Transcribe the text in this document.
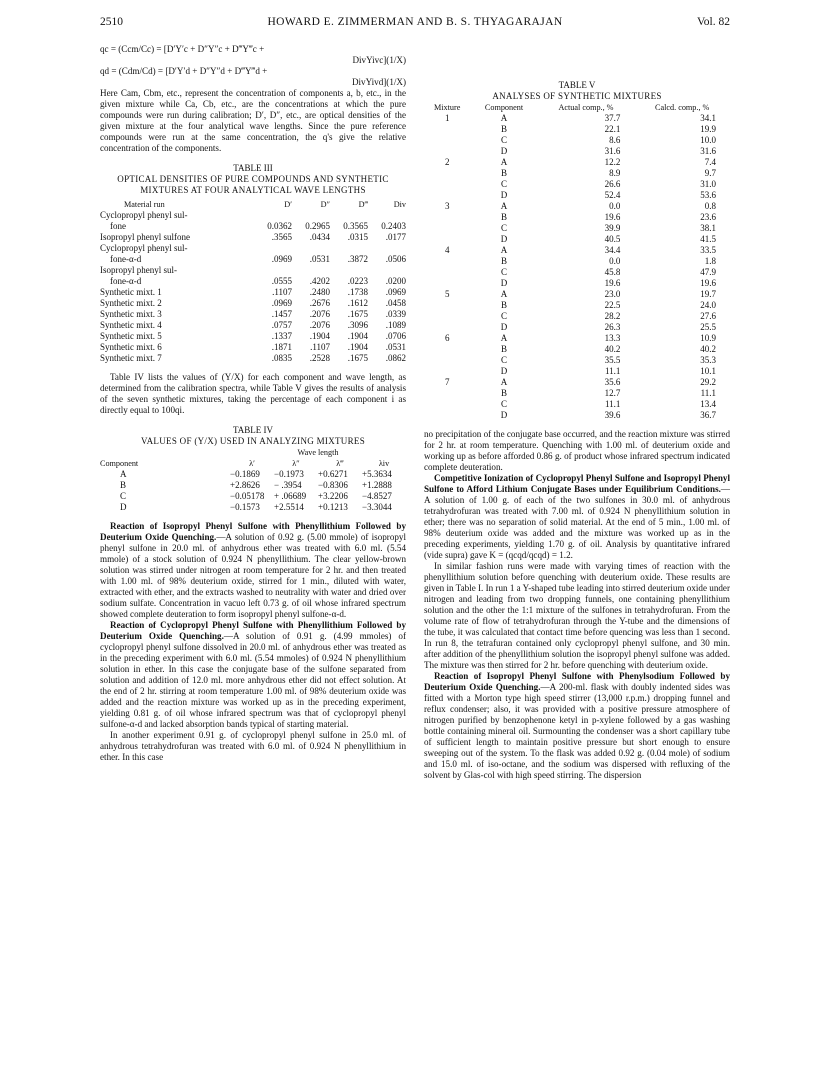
2510	HOWARD E. ZIMMERMAN AND B. S. THYAGARAJAN	Vol. 82

qc = (Ccm/Cc) = [D′Y′c + D″Y″c + D‴Y‴c +

DivYivc](1/X)

qd = (Cdm/Cd) = [D′Y′d + D″Y″d + D‴Y‴d +

DivYivd](1/X)

Here Cam, Cbm, etc., represent the concentration of components a, b, etc., in the given mixture while Ca, Cb, etc., are the concentrations at which the pure compounds were run during calibration; D′, D″, etc., are optical densities of the given mixture at the four analytical wave lengths. Since the pure reference compounds were run at the same concentration, the q's give the relative concentration of the components.

TABLE III
OPTICAL DENSITIES OF PURE COMPOUNDS AND SYNTHETIC
MIXTURES AT FOUR ANALYTICAL WAVE LENGTHS
Material run	D′	D″	D‴	Div
Cyclopropyl phenyl sul-				
fone	0.0362	0.2965	0.3565	0.2403
Isopropyl phenyl sulfone	.3565	.0434	.0315	.0177
Cyclopropyl phenyl sul-				
fone-α-d	.0969	.0531	.3872	.0506
Isopropyl phenyl sul-				
fone-α-d	.0555	.4202	.0223	.0200
Synthetic mixt. 1	.1107	.2480	.1738	.0969
Synthetic mixt. 2	.0969	.2676	.1612	.0458
Synthetic mixt. 3	.1457	.2076	.1675	.0339
Synthetic mixt. 4	.0757	.2076	.3096	.1089
Synthetic mixt. 5	.1337	.1904	.1904	.0706
Synthetic mixt. 6	.1871	.1107	.1904	.0531
Synthetic mixt. 7	.0835	.2528	.1675	.0862

Table IV lists the values of (Y/X) for each component and wave length, as determined from the calibration spectra, while Table V gives the results of analysis of the seven synthetic mixtures, taking the percentage of each component i as directly equal to 100qi.

TABLE IV
VALUES OF (Y/X) USED IN ANALYZING MIXTURES
		Wave length		
Component	λ′	λ″	λ‴	λiv
A	−0.1869	−0.1973	+0.6271	+5.3634
B	+2.8626	− .3954	−0.8306	+1.2888
C	−0.05178	+ .06689	+3.2206	−4.8527
D	−0.1573	+2.5514	+0.1213	−3.3044

Reaction of Isopropyl Phenyl Sulfone with Phenyllithium Followed by Deuterium Oxide Quenching.—A solution of 0.92 g. (5.00 mmole) of isopropyl phenyl sulfone in 20.0 ml. of anhydrous ether was treated with 6.0 ml. (5.54 mmole) of a stock solution of 0.924 N phenyllithium. The clear yellow-brown solution was stirred under nitrogen at room temperature for 2 hr. and then treated with 1.00 ml. of 98% deuterium oxide, stirred for 1 min., diluted with water, extracted with ether, and the extracts washed to neutrality with water and dried over sodium sulfate. Concentration in vacuo left 0.73 g. of oil whose infrared spectrum showed complete deuteration to form isopropyl phenyl sulfone-α-d.

Reaction of Cyclopropyl Phenyl Sulfone with Phenyllithium Followed by Deuterium Oxide Quenching.—A solution of 0.91 g. (4.99 mmoles) of cyclopropyl phenyl sulfone dissolved in 20.0 ml. of anhydrous ether was treated as in the preceding experiment with 6.0 ml. (5.54 mmoles) of 0.924 N phenyllithium solution in ether. In this case the conjugate base of the sulfone separated from solution and addition of 12.0 ml. more anhydrous ether did not effect solution. At the end of 2 hr. stirring at room temperature 1.00 ml. of 98% deuterium oxide was added and the reaction mixture was worked up as in the preceding experiment, yielding 0.81 g. of oil whose infrared spectrum was that of cyclopropyl phenyl sulfone-α-d and lacked absorption bands typical of starting material.

In another experiment 0.91 g. of cyclopropyl phenyl sulfone in 25.0 ml. of anhydrous tetrahydrofuran was treated with 6.0 ml. of 0.924 N phenyllithium in ether. In this case

TABLE V
ANALYSES OF SYNTHETIC MIXTURES
Mixture	Component	Actual comp., %	Calcd. comp., %
1	A	37.7	34.1
	B	22.1	19.9
	C	8.6	10.0
	D	31.6	31.6
2	A	12.2	7.4
	B	8.9	9.7
	C	26.6	31.0
	D	52.4	53.6
3	A	0.0	0.8
	B	19.6	23.6
	C	39.9	38.1
	D	40.5	41.5
4	A	34.4	33.5
	B	0.0	1.8
	C	45.8	47.9
	D	19.6	19.6
5	A	23.0	19.7
	B	22.5	24.0
	C	28.2	27.6
	D	26.3	25.5
6	A	13.3	10.9
	B	40.2	40.2
	C	35.5	35.3
	D	11.1	10.1
7	A	35.6	29.2
	B	12.7	11.1
	C	11.1	13.4
	D	39.6	36.7

no precipitation of the conjugate base occurred, and the reaction mixture was stirred for 2 hr. at room temperature. Quenching with 1.00 ml. of deuterium oxide and working up as before afforded 0.86 g. of product whose infrared spectrum indicated complete deuteration.

Competitive Ionization of Cyclopropyl Phenyl Sulfone and Isopropyl Phenyl Sulfone to Afford Lithium Conjugate Bases under Equilibrium Conditions.—A solution of 1.00 g. of each of the two sulfones in 30.0 ml. of anhydrous tetrahydrofuran was treated with 7.00 ml. of 0.924 N phenyllithium solution in ether; there was no separation of solid material. At the end of 5 min., 1.00 ml. of 98% deuterium oxide was added and the mixture was worked up as in the preceding experiments, yielding 1.70 g. of oil. Analysis by quantitative infrared (vide supra) gave K = (qcqd/qcqd) = 1.2.

In similar fashion runs were made with varying times of reaction with the phenyllithium solution before quenching with deuterium oxide. These results are given in Table I. In run 1 a Y-shaped tube leading into stirred deuterium oxide under nitrogen and leading from two dropping funnels, one containing phenyllithium solution and the other the 1:1 mixture of the sulfones in tetrahydrofuran. From the volume rate of flow of tetrahydrofuran through the Y-tube and the dimensions of the tube, it was calculated that contact time before quencing was less than 1 second. In run 8, the tetrafuran contained only cyclopropyl phenyl sulfone, and 30 min. after addition of the phenyllithium solution the isopropyl phenyl sulfone was added. The mixture was then stirred for 2 hr. before quenching with deuterium oxide.

Reaction of Isopropyl Phenyl Sulfone with Phenylsodium Followed by Deuterium Oxide Quenching.—A 200-ml. flask with doubly indented sides was fitted with a Morton type high speed stirrer (13,000 r.p.m.) dropping funnel and reflux condenser; also, it was provided with a positive pressure atmosphere of nitrogen purified by benzophenone ketyl in p-xylene followed by a gas washing bottle containing mineral oil. Surmounting the condenser was a short capillary tube of sufficient length to maintain positive pressure but short enough to ensure sweeping out of the system. To the flask was added 0.92 g. (0.04 mole) of sodium and 15.0 ml. of iso-octane, and the sodium was dispersed with refluxing of the solvent by Glas-col with high speed stirring. The dispersion
